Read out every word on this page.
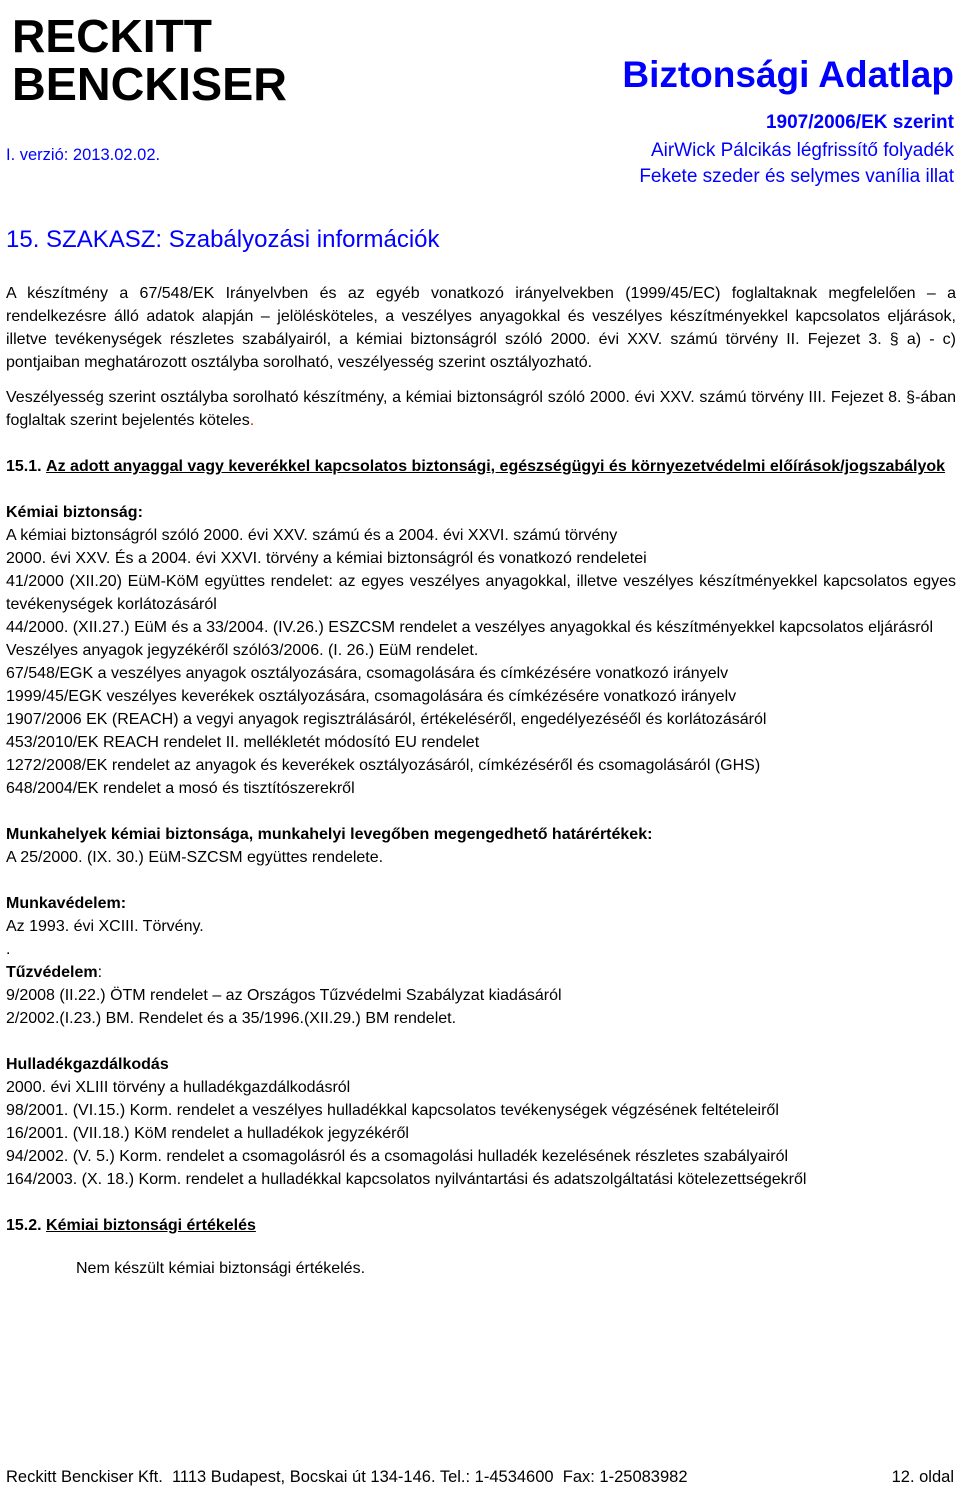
RECKITT
BENCKISER
I. verzió: 2013.02.02.
Biztonsági Adatlap
1907/2006/EK szerint
AirWick Pálcikás légfrissítő folyadék
Fekete szeder és selymes vanília illat
15. SZAKASZ: Szabályozási információk

A készítmény a 67/548/EK Irányelvben és az egyéb vonatkozó irányelvekben (1999/45/EC) foglaltaknak megfelelően – a rendelkezésre álló adatok alapján – jelölésköteles, a veszélyes anyagokkal és veszélyes készítményekkel kapcsolatos eljárások, illetve tevékenységek részletes szabályairól, a kémiai biztonságról szóló 2000. évi XXV. számú törvény II. Fejezet 3. § a) - c) pontjaiban meghatározott osztályba sorolható, veszélyesség szerint osztályozható.

Veszélyesség szerint osztályba sorolható készítmény, a kémiai biztonságról szóló 2000. évi XXV. számú törvény III. Fejezet 8. §-ában foglaltak szerint bejelentés köteles.

15.1. Az adott anyaggal vagy keverékkel kapcsolatos biztonsági, egészségügyi és környezetvédelmi előírások/jogszabályok

Kémiai biztonság:

A kémiai biztonságról szóló 2000. évi XXV. számú és a 2004. évi XXVI. számú törvény

2000. évi XXV. És a 2004. évi XXVI. törvény a kémiai biztonságról és vonatkozó rendeletei

41/2000 (XII.20) EüM-KöM együttes rendelet: az egyes veszélyes anyagokkal, illetve veszélyes készítményekkel kapcsolatos egyes tevékenységek korlátozásáról

44/2000. (XII.27.) EüM és a 33/2004. (IV.26.) ESZCSM rendelet a veszélyes anyagokkal és készítményekkel kapcsolatos eljárásról

Veszélyes anyagok jegyzékéről szóló3/2006. (I. 26.) EüM rendelet.

67/548/EGK a veszélyes anyagok osztályozására, csomagolására és címkézésére vonatkozó irányelv

1999/45/EGK veszélyes keverékek osztályozására, csomagolására és címkézésére vonatkozó irányelv

1907/2006 EK (REACH) a vegyi anyagok regisztrálásáról, értékeléséről, engedélyezéséől és korlátozásáról

453/2010/EK REACH rendelet II. mellékletét módosító EU rendelet

1272/2008/EK rendelet az anyagok és keverékek osztályozásáról, címkézéséről és csomagolásáról (GHS)

648/2004/EK rendelet a mosó és tisztítószerekről

Munkahelyek kémiai biztonsága, munkahelyi levegőben megengedhető határértékek:

A 25/2000. (IX. 30.) EüM-SZCSM együttes rendelete.

Munkavédelem:

Az 1993. évi XCIII. Törvény.

.

Tűzvédelem:

9/2008 (II.22.) ÖTM rendelet – az Országos Tűzvédelmi Szabályzat kiadásáról

2/2002.(I.23.) BM. Rendelet és a 35/1996.(XII.29.) BM rendelet.

Hulladékgazdálkodás

2000. évi XLIII törvény a hulladékgazdálkodásról

98/2001. (VI.15.) Korm. rendelet a veszélyes hulladékkal kapcsolatos tevékenységek végzésének feltételeiről

16/2001. (VII.18.) KöM rendelet a hulladékok jegyzékéről

94/2002. (V. 5.) Korm. rendelet a csomagolásról és a csomagolási hulladék kezelésének részletes szabályairól

164/2003. (X. 18.) Korm. rendelet a hulladékkal kapcsolatos nyilvántartási és adatszolgáltatási kötelezettségekről

15.2. Kémiai biztonsági értékelés

Nem készült kémiai biztonsági értékelés.

Reckitt Benckiser Kft.  1113 Budapest, Bocskai út 134-146. Tel.: 1-4534600  Fax: 1-25083982	12. oldal
